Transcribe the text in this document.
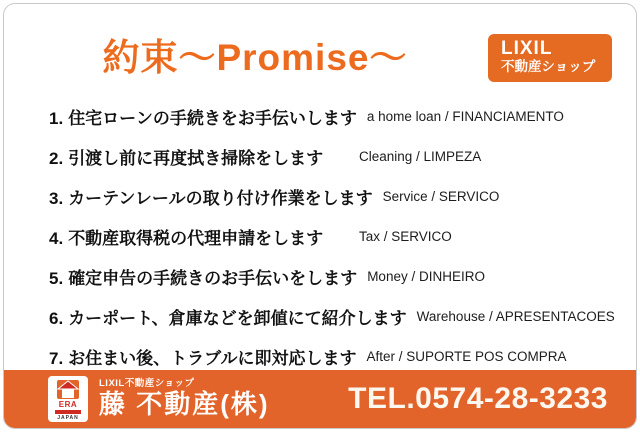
約束～Promise～	LIXIL
不動産ショップ
1. 住宅ローンの手続きをお手伝いします a home loan / FINANCIAMENTO
2. 引渡し前に再度拭き掃除をします	Cleaning / LIMPEZA
3. カーテンレールの取り付け作業をします Service / SERVICO
4. 不動産取得税の代理申請をします	Tax / SERVICO
5. 確定申告の手続きのお手伝いをします Money / DINHEIRO
6. カーポート、倉庫などを卸値にて紹介します Warehouse / APRESENTACOES
7. お住まい後、トラブルに即対応します After / SUPORTE POS COMPRA
ERA
JAPAN
LIXIL不動産ショップ
藤 不動産(株)	TEL.0574-28-3233
